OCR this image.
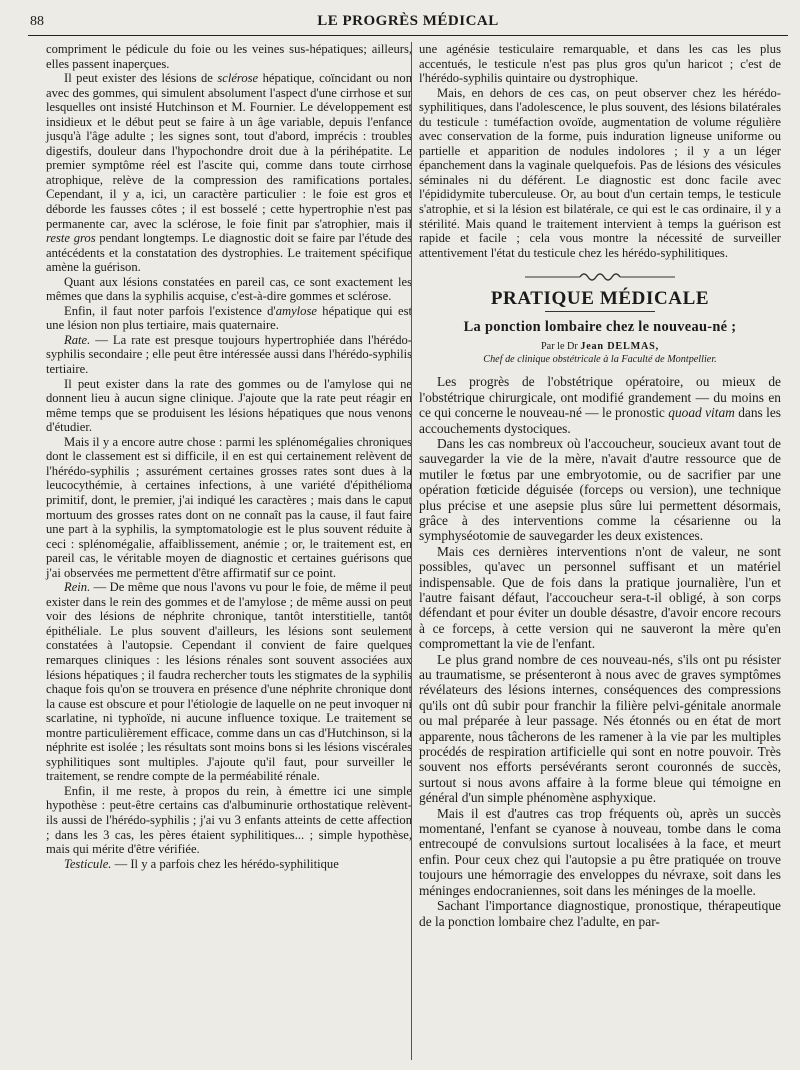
88	LE PROGRÈS MÉDICAL

compriment le pédicule du foie ou les veines sus-hépatiques; ailleurs, elles passent inaperçues.

Il peut exister des lésions de sclérose hépatique, coïncidant ou non avec des gommes, qui simulent absolument l'aspect d'une cirrhose et sur lesquelles ont insisté Hutchinson et M. Fournier. Le développement est insidieux et le début peut se faire à un âge variable, depuis l'enfance jusqu'à l'âge adulte ; les signes sont, tout d'abord, imprécis : troubles digestifs, douleur dans l'hypochondre droit due à la périhépatite. Le premier symptôme réel est l'ascite qui, comme dans toute cirrhose atrophique, relève de la compression des ramifications portales. Cependant, il y a, ici, un caractère particulier : le foie est gros et déborde les fausses côtes ; il est bosselé ; cette hypertrophie n'est pas permanente car, avec la sclérose, le foie finit par s'atrophier, mais il reste gros pendant longtemps. Le diagnostic doit se faire par l'étude des antécédents et la constatation des dystrophies. Le traitement spécifique amène la guérison.

Quant aux lésions constatées en pareil cas, ce sont exactement les mêmes que dans la syphilis acquise, c'est-à-dire gommes et sclérose.

Enfin, il faut noter parfois l'existence d'amylose hépatique qui est une lésion non plus tertiaire, mais quaternaire.

Rate. — La rate est presque toujours hypertrophiée dans l'hérédo-syphilis secondaire ; elle peut être intéressée aussi dans l'hérédo-syphilis tertiaire.

Il peut exister dans la rate des gommes ou de l'amylose qui ne donnent lieu à aucun signe clinique. J'ajoute que la rate peut réagir en même temps que se produisent les lésions hépatiques que nous venons d'étudier.

Mais il y a encore autre chose : parmi les splénomégalies chroniques dont le classement est si difficile, il en est qui certainement relèvent de l'hérédo-syphilis ; assurément certaines grosses rates sont dues à la leucocythémie, à certaines infections, à une variété d'épithélioma primitif, dont, le premier, j'ai indiqué les caractères ; mais dans le caput mortuum des grosses rates dont on ne connaît pas la cause, il faut faire une part à la syphilis, la symptomatologie est le plus souvent réduite à ceci : splénomégalie, affaiblissement, anémie ; or, le traitement est, en pareil cas, le véritable moyen de diagnostic et certaines guérisons que j'ai observées me permettent d'être affirmatif sur ce point.

Rein. — De même que nous l'avons vu pour le foie, de même il peut exister dans le rein des gommes et de l'amylose ; de même aussi on peut voir des lésions de néphrite chronique, tantôt interstitielle, tantôt épithéliale. Le plus souvent d'ailleurs, les lésions sont seulement constatées à l'autopsie. Cependant il convient de faire quelques remarques cliniques : les lésions rénales sont souvent associées aux lésions hépatiques ; il faudra rechercher touts les stigmates de la syphilis chaque fois qu'on se trouvera en présence d'une néphrite chronique dont la cause est obscure et pour l'étiologie de laquelle on ne peut invoquer ni scarlatine, ni typhoïde, ni aucune influence toxique. Le traitement se montre particulièrement efficace, comme dans un cas d'Hutchinson, si la néphrite est isolée ; les résultats sont moins bons si les lésions viscérales syphilitiques sont multiples. J'ajoute qu'il faut, pour surveiller le traitement, se rendre compte de la perméabilité rénale.

Enfin, il me reste, à propos du rein, à émettre ici une simple hypothèse : peut-être certains cas d'albuminurie orthostatique relèvent-ils aussi de l'hérédo-syphilis ; j'ai vu 3 enfants atteints de cette affection ; dans les 3 cas, les pères étaient syphilitiques... ; simple hypothèse, mais qui mérite d'être vérifiée.

Testicule. — Il y a parfois chez les hérédo-syphilitique

une agénésie testiculaire remarquable, et dans les cas les plus accentués, le testicule n'est pas plus gros qu'un haricot ; c'est de l'hérédo-syphilis quintaire ou dystrophique.

Mais, en dehors de ces cas, on peut observer chez les hérédo-syphilitiques, dans l'adolescence, le plus souvent, des lésions bilatérales du testicule : tuméfaction ovoïde, augmentation de volume régulière avec conservation de la forme, puis induration ligneuse uniforme ou partielle et apparition de nodules indolores ; il y a un léger épanchement dans la vaginale quelquefois. Pas de lésions des vésicules séminales ni du déférent. Le diagnostic est donc facile avec l'épididymite tuberculeuse. Or, au bout d'un certain temps, le testicule s'atrophie, et si la lésion est bilatérale, ce qui est le cas ordinaire, il y a stérilité. Mais quand le traitement intervient à temps la guérison est rapide et facile ; cela vous montre la nécessité de surveiller attentivement l'état du testicule chez les hérédo-syphilitiques.

PRATIQUE MÉDICALE
La ponction lombaire chez le nouveau-né ;
Par le Dr Jean DELMAS,
Chef de clinique obstétricale à la Faculté de Montpellier.

Les progrès de l'obstétrique opératoire, ou mieux de l'obstétrique chirurgicale, ont modifié grandement — du moins en ce qui concerne le nouveau-né — le pronostic quoad vitam dans les accouchements dystociques.

Dans les cas nombreux où l'accoucheur, soucieux avant tout de sauvegarder la vie de la mère, n'avait d'autre ressource que de mutiler le fœtus par une embryotomie, ou de sacrifier par une opération fœticide déguisée (forceps ou version), une technique plus précise et une asepsie plus sûre lui permettent désormais, grâce à des interventions comme la césarienne ou la symphyséotomie de sauvegarder les deux existences.

Mais ces dernières interventions n'ont de valeur, ne sont possibles, qu'avec un personnel suffisant et un matériel indispensable. Que de fois dans la pratique journalière, l'un et l'autre faisant défaut, l'accoucheur sera-t-il obligé, à son corps défendant et pour éviter un double désastre, d'avoir encore recours à ce forceps, à cette version qui ne sauveront la mère qu'en compromettant la vie de l'enfant.

Le plus grand nombre de ces nouveau-nés, s'ils ont pu résister au traumatisme, se présenteront à nous avec de graves symptômes révélateurs des lésions internes, conséquences des compressions qu'ils ont dû subir pour franchir la filière pelvi-génitale anormale ou mal préparée à leur passage. Nés étonnés ou en état de mort apparente, nous tâcherons de les ramener à la vie par les multiples procédés de respiration artificielle qui sont en notre pouvoir. Très souvent nos efforts persévérants seront couronnés de succès, surtout si nous avons affaire à la forme bleue qui témoigne en général d'un simple phénomène asphyxique.

Mais il est d'autres cas trop fréquents où, après un succès momentané, l'enfant se cyanose à nouveau, tombe dans le coma entrecoupé de convulsions surtout localisées à la face, et meurt enfin. Pour ceux chez qui l'autopsie a pu être pratiquée on trouve toujours une hémorragie des enveloppes du névraxe, soit dans les méninges endocraniennes, soit dans les méninges de la moelle.

Sachant l'importance diagnostique, pronostique, thérapeutique de la ponction lombaire chez l'adulte, en par-
